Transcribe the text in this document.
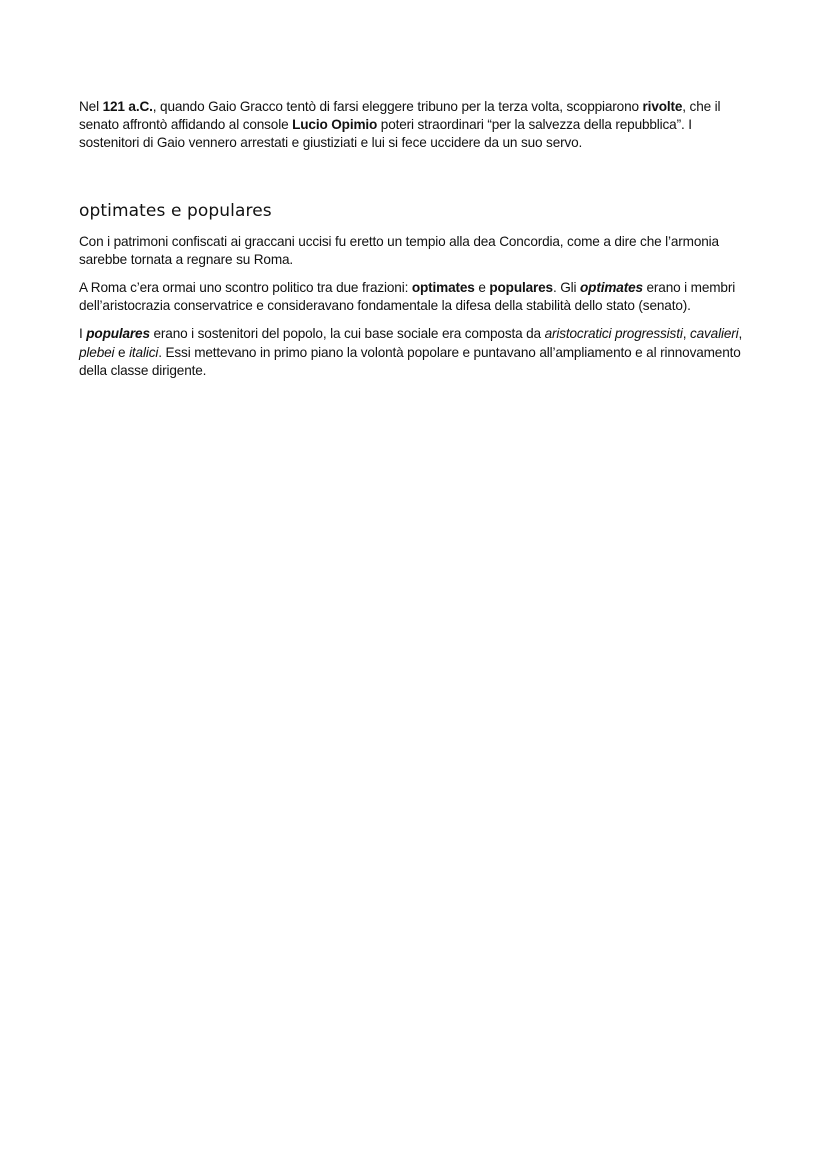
Nel 121 a.C., quando Gaio Gracco tentò di farsi eleggere tribuno per la terza volta, scoppiarono rivolte, che il senato affrontò affidando al console Lucio Opimio poteri straordinari “per la salvezza della repubblica”. I sostenitori di Gaio vennero arrestati e giustiziati e lui si fece uccidere da un suo servo.

optimates e populares

Con i patrimoni confiscati ai graccani uccisi fu eretto un tempio alla dea Concordia, come a dire che l’armonia sarebbe tornata a regnare su Roma.

A Roma c’era ormai uno scontro politico tra due frazioni: optimates e populares. Gli optimates erano i membri dell’aristocrazia conservatrice e consideravano fondamentale la difesa della stabilità dello stato (senato).

I populares erano i sostenitori del popolo, la cui base sociale era composta da aristocratici progressisti, cavalieri, plebei e italici. Essi mettevano in primo piano la volontà popolare e puntavano all’ampliamento e al rinnovamento della classe dirigente.
